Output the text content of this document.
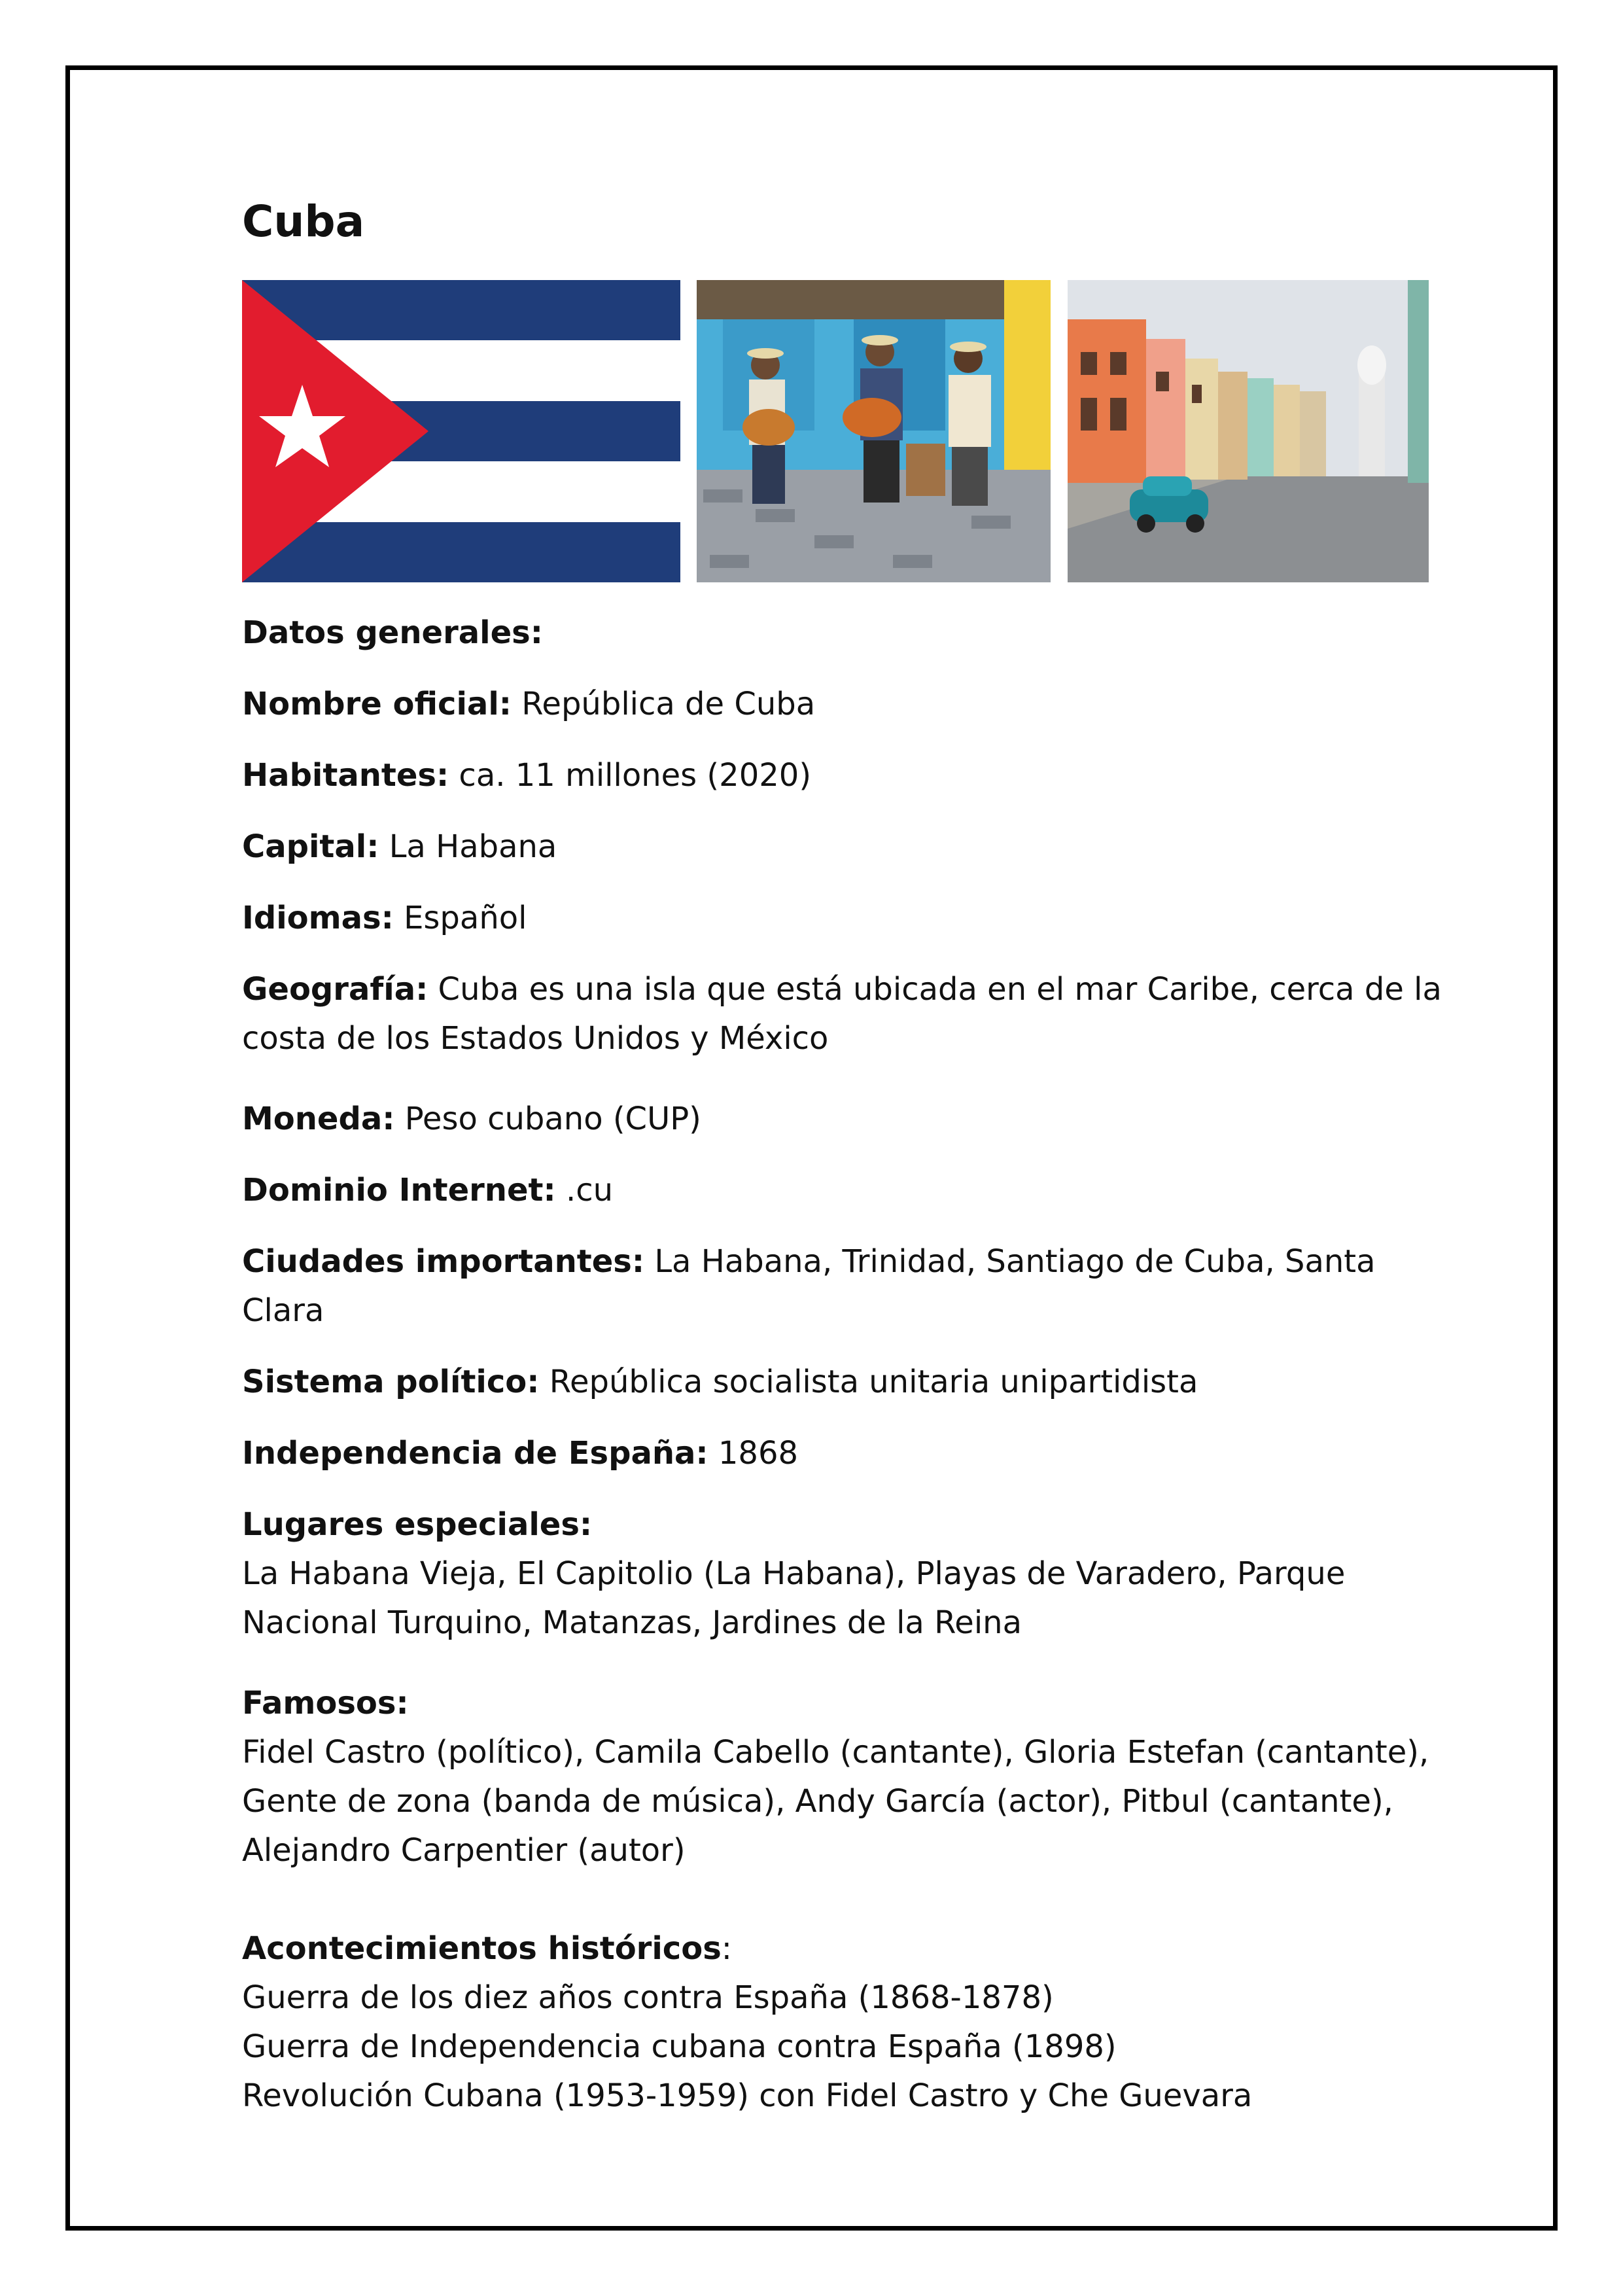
Cuba

Datos generales:

Nombre oficial: República de Cuba

Habitantes: ca. 11 millones (2020)

Capital: La Habana

Idiomas: Español

Geografía: Cuba es una isla que está ubicada en el mar Caribe, cerca de la costa de los Estados Unidos y México

Moneda: Peso cubano (CUP)

Dominio Internet: .cu

Ciudades importantes: La Habana, Trinidad, Santiago de Cuba, Santa Clara

Sistema político: República socialista unitaria unipartidista

Independencia de España: 1868

Lugares especiales:
La Habana Vieja, El Capitolio (La Habana), Playas de Varadero, Parque
Nacional Turquino, Matanzas, Jardines de la Reina

Famosos:
Fidel Castro (político), Camila Cabello (cantante), Gloria Estefan (cantante),
Gente de zona (banda de música), Andy García (actor), Pitbul (cantante),
Alejandro Carpentier (autor)

Acontecimientos históricos:
Guerra de los diez años contra España (1868-1878)
Guerra de Independencia cubana contra España (1898)
Revolución Cubana (1953-1959) con Fidel Castro y Che Guevara
